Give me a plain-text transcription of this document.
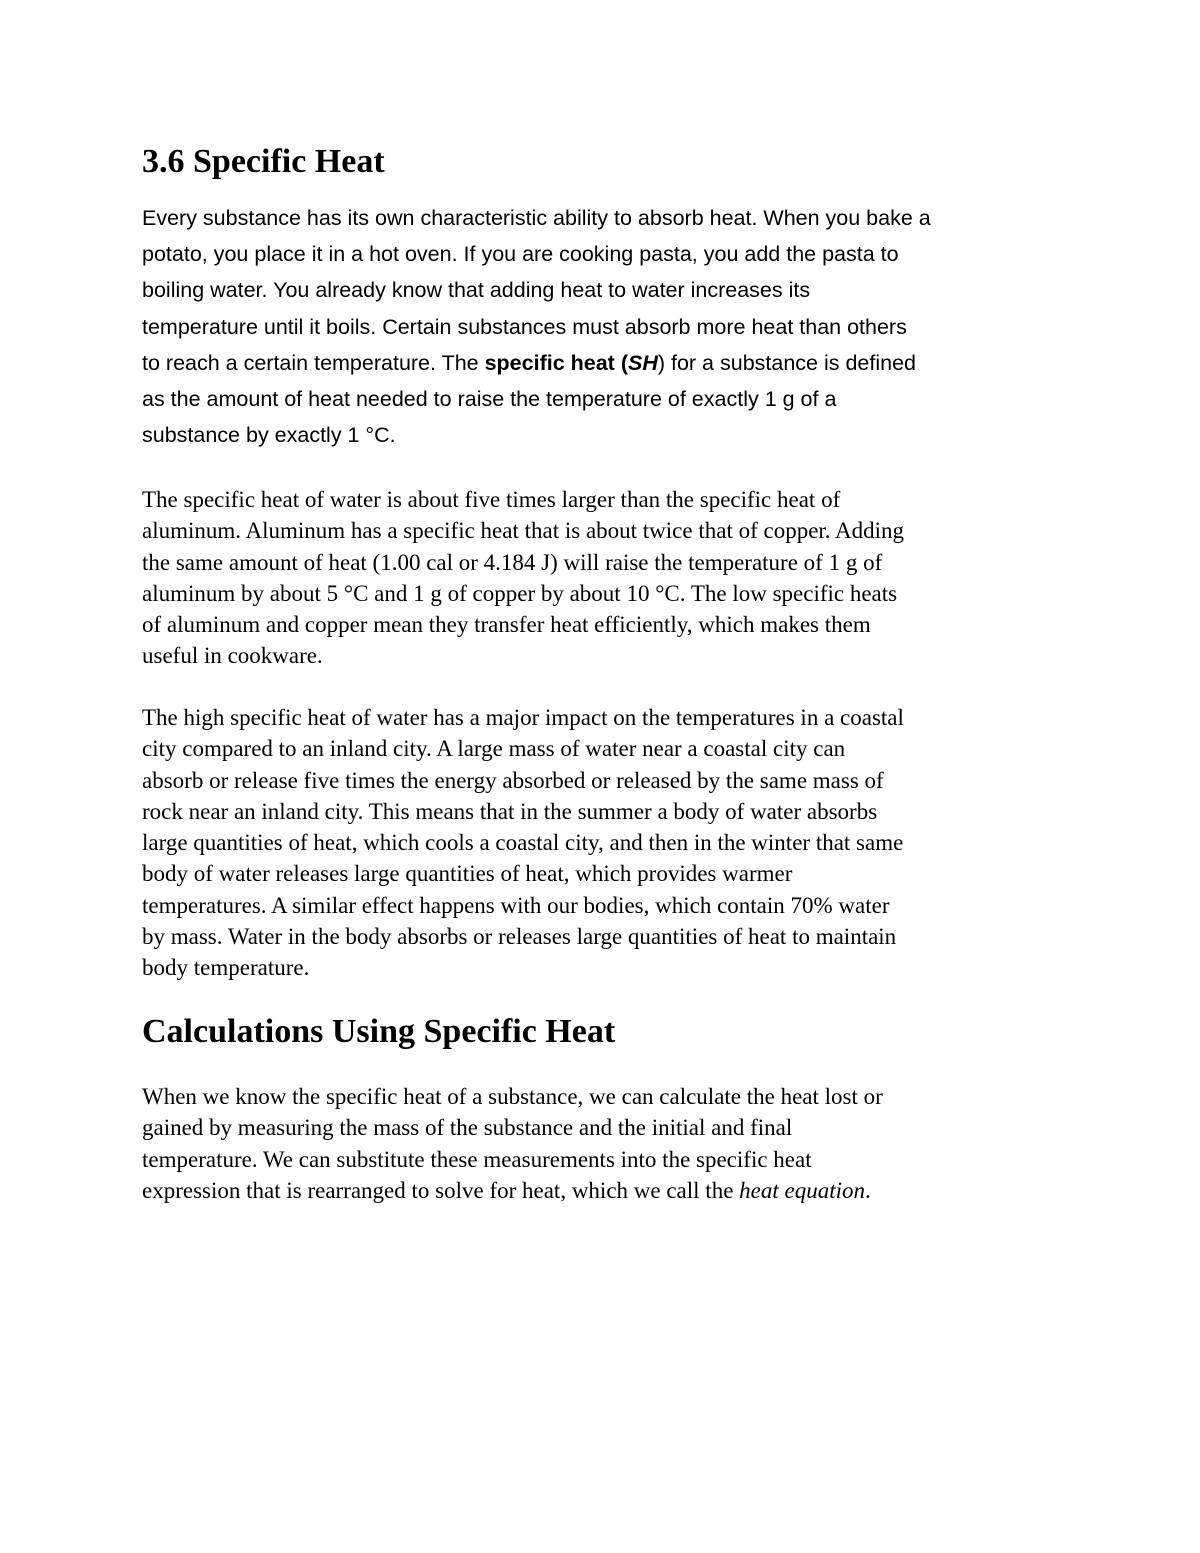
3.6 Specific Heat

Every substance has its own characteristic ability to absorb heat. When you bake a
potato, you place it in a hot oven. If you are cooking pasta, you add the pasta to
boiling water. You already know that adding heat to water increases its
temperature until it boils. Certain substances must absorb more heat than others
to reach a certain temperature. The specific heat (SH) for a substance is defined
as the amount of heat needed to raise the temperature of exactly 1 g of a
substance by exactly 1 °C.

The specific heat of water is about five times larger than the specific heat of
aluminum. Aluminum has a specific heat that is about twice that of copper. Adding
the same amount of heat (1.00 cal or 4.184 J) will raise the temperature of 1 g of
aluminum by about 5 °C and 1 g of copper by about 10 °C. The low specific heats
of aluminum and copper mean they transfer heat efficiently, which makes them
useful in cookware.

The high specific heat of water has a major impact on the temperatures in a coastal
city compared to an inland city. A large mass of water near a coastal city can
absorb or release five times the energy absorbed or released by the same mass of
rock near an inland city. This means that in the summer a body of water absorbs
large quantities of heat, which cools a coastal city, and then in the winter that same
body of water releases large quantities of heat, which provides warmer
temperatures. A similar effect happens with our bodies, which contain 70% water
by mass. Water in the body absorbs or releases large quantities of heat to maintain
body temperature.

Calculations Using Specific Heat

When we know the specific heat of a substance, we can calculate the heat lost or
gained by measuring the mass of the substance and the initial and final
temperature. We can substitute these measurements into the specific heat
expression that is rearranged to solve for heat, which we call the heat equation.
